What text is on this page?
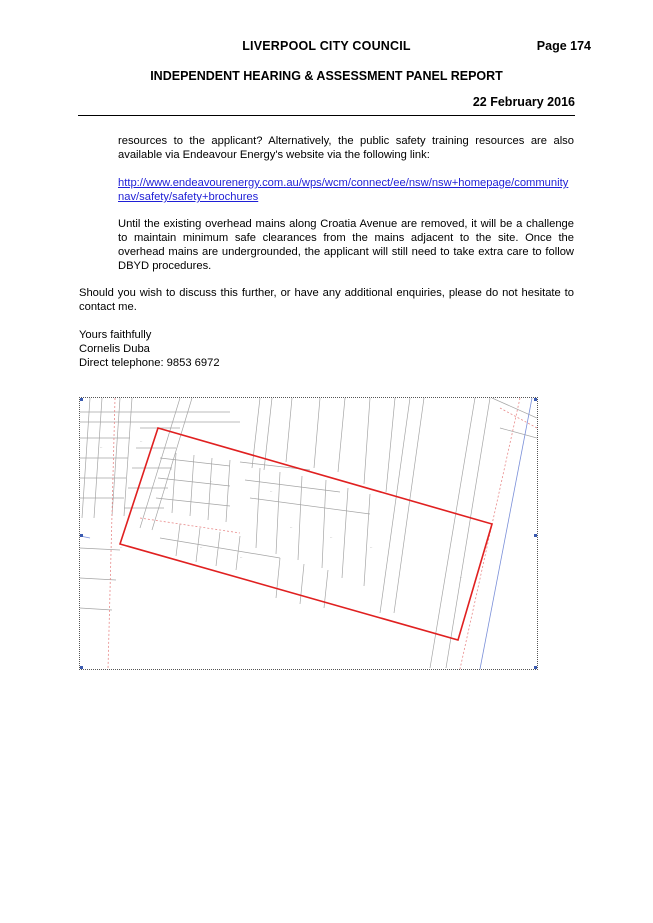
LIVERPOOL CITY COUNCIL	Page 174
INDEPENDENT HEARING & ASSESSMENT PANEL REPORT
22 February 2016
resources to the applicant? Alternatively, the public safety training resources are also available via Endeavour Energy's website via the following link:
http://www.endeavourenergy.com.au/wps/wcm/connect/ee/nsw/nsw+homepage/communitynav/safety/safety+brochures
Until the existing overhead mains along Croatia Avenue are removed, it will be a challenge to maintain minimum safe clearances from the mains adjacent to the site. Once the overhead mains are undergrounded, the applicant will still need to take extra care to follow DBYD procedures.
Should you wish to discuss this further, or have any additional enquiries, please do not hesitate to contact me.
Yours faithfully
Cornelis Duba
Direct telephone: 9853 6972
--
--
--
--
--
--
--
--
--
--
--
--
